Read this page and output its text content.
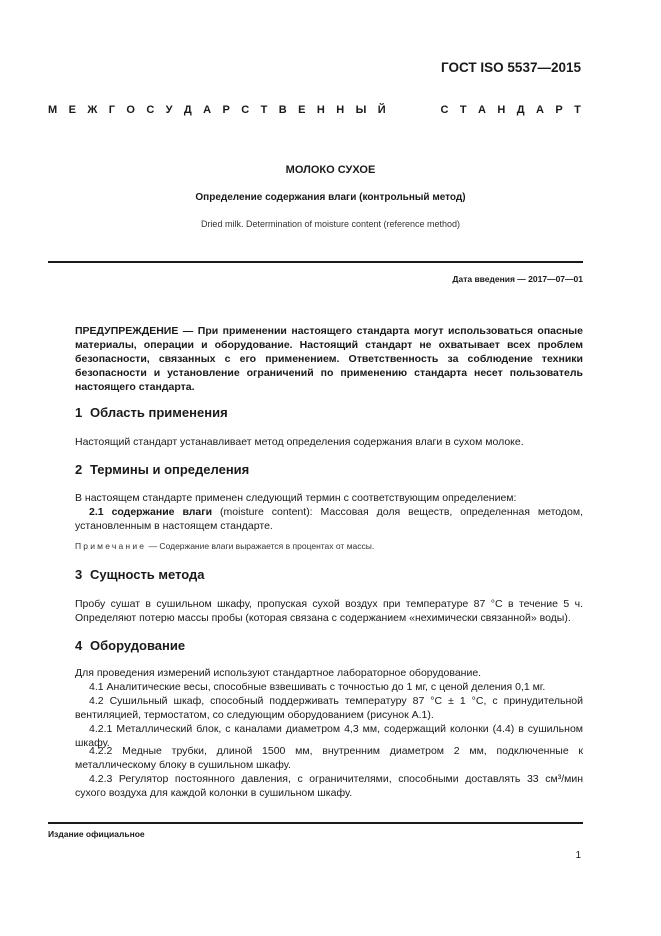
ГОСТ ISO 5537—2015
М Е Ж Г О С У Д А Р С Т В Е Н Н Ы Й

	С Т А Н Д А Р Т
МОЛОКО СУХОЕ
Определение содержания влаги (контрольный метод)
Dried milk. Determination of moisture content (reference method)
Дата введения — 2017—07—01
ПРЕДУПРЕЖДЕНИЕ — При применении настоящего стандарта могут использоваться опасные материалы, операции и оборудование. Настоящий стандарт не охватывает всех проблем безопасности, связанных с его применением. Ответственность за соблюдение техники безопасности и установление ограничений по применению стандарта несет пользователь настоящего стандарта.
1 Область применения
Настоящий стандарт устанавливает метод определения содержания влаги в сухом молоке.
2 Термины и определения
В настоящем стандарте применен следующий термин с соответствующим определением:
2.1 содержание влаги (moisture content): Массовая доля веществ, определенная методом, установленным в настоящем стандарте.
Примечание — Содержание влаги выражается в процентах от массы.
3 Сущность метода
Пробу сушат в сушильном шкафу, пропуская сухой воздух при температуре 87 °C в течение 5 ч. Определяют потерю массы пробы (которая связана с содержанием «нехимически связанной» воды).
4 Оборудование
Для проведения измерений используют стандартное лабораторное оборудование.
4.1 Аналитические весы, способные взвешивать с точностью до 1 мг, с ценой деления 0,1 мг.
4.2 Сушильный шкаф, способный поддерживать температуру 87 °C ± 1 °C, с принудительной вентиляцией, термостатом, со следующим оборудованием (рисунок А.1).
4.2.1 Металлический блок, с каналами диаметром 4,3 мм, содержащий колонки (4.4) в сушильном шкафу.
4.2.2 Медные трубки, длиной 1500 мм, внутренним диаметром 2 мм, подключенные к металлическому блоку в сушильном шкафу.
4.2.3 Регулятор постоянного давления, с ограничителями, способными доставлять 33 см³/мин сухого воздуха для каждой колонки в сушильном шкафу.
Издание официальное
1
